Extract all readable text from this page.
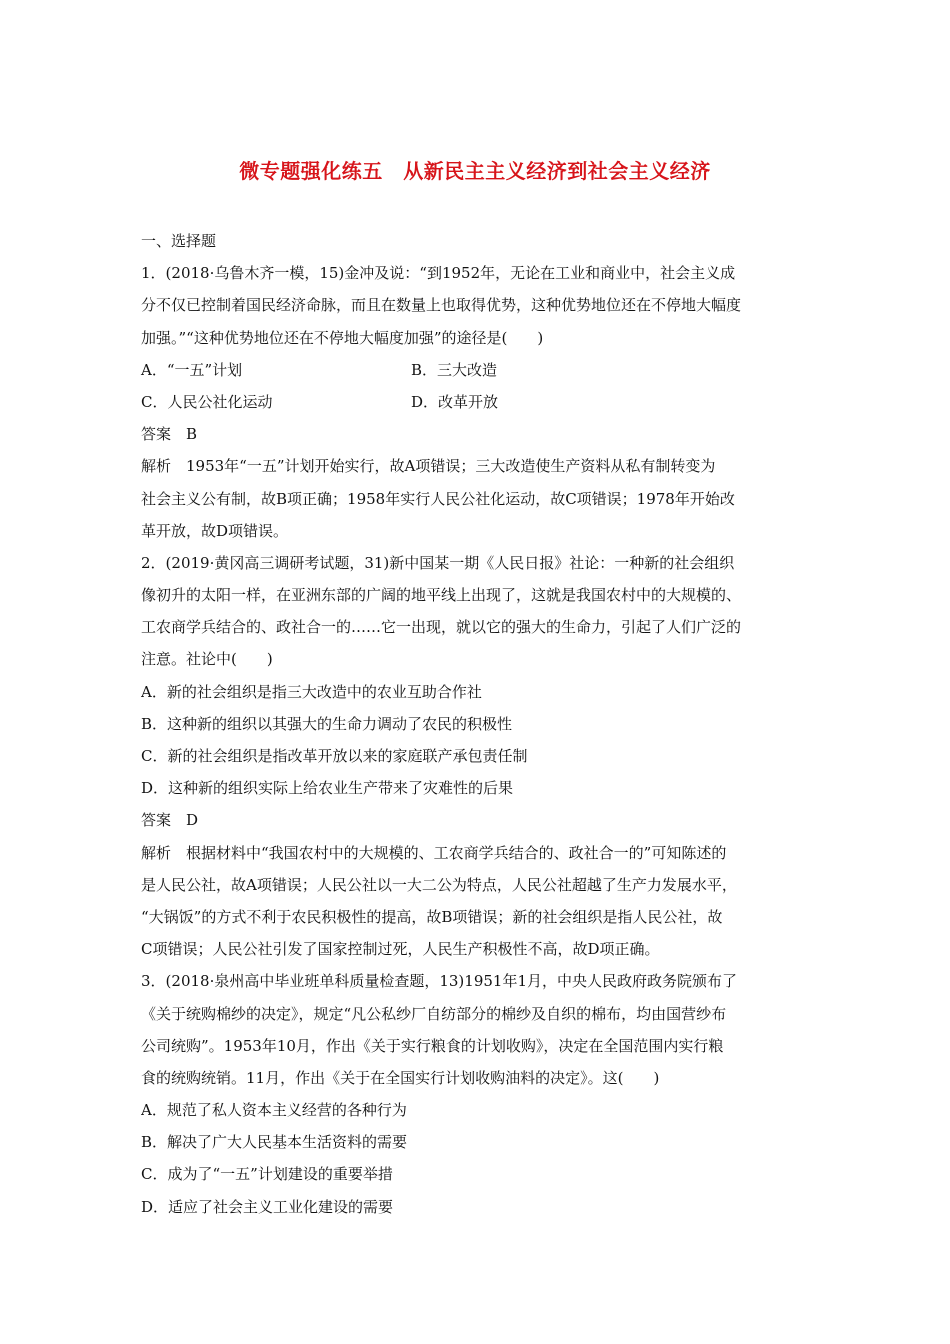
微专题强化练五　从新民主主义经济到社会主义经济
一、选择题
1．(2018·乌鲁木齐一模，15)金冲及说：“到1952年，无论在工业和商业中，社会主义成
分不仅已控制着国民经济命脉，而且在数量上也取得优势，这种优势地位还在不停地大幅度
加强。”“这种优势地位还在不停地大幅度加强”的途径是(　　)
A．“一五”计划	B．三大改造
C．人民公社化运动	D．改革开放
答案　B
解析　1953年“一五”计划开始实行，故A项错误；三大改造使生产资料从私有制转变为
社会主义公有制，故B项正确；1958年实行人民公社化运动，故C项错误；1978年开始改
革开放，故D项错误。
2．(2019·黄冈高三调研考试题，31)新中国某一期《人民日报》社论：一种新的社会组织
像初升的太阳一样，在亚洲东部的广阔的地平线上出现了，这就是我国农村中的大规模的、
工农商学兵结合的、政社合一的……它一出现，就以它的强大的生命力，引起了人们广泛的
注意。社论中(　　)
A．新的社会组织是指三大改造中的农业互助合作社
B．这种新的组织以其强大的生命力调动了农民的积极性
C．新的社会组织是指改革开放以来的家庭联产承包责任制
D．这种新的组织实际上给农业生产带来了灾难性的后果
答案　D
解析　根据材料中“我国农村中的大规模的、工农商学兵结合的、政社合一的”可知陈述的
是人民公社，故A项错误；人民公社以一大二公为特点，人民公社超越了生产力发展水平，
“大锅饭”的方式不利于农民积极性的提高，故B项错误；新的社会组织是指人民公社，故
C项错误；人民公社引发了国家控制过死，人民生产积极性不高，故D项正确。
3．(2018·泉州高中毕业班单科质量检查题，13)1951年1月，中央人民政府政务院颁布了
《关于统购棉纱的决定》，规定“凡公私纱厂自纺部分的棉纱及自织的棉布，均由国营纱布
公司统购”。1953年10月，作出《关于实行粮食的计划收购》，决定在全国范围内实行粮
食的统购统销。11月，作出《关于在全国实行计划收购油料的决定》。这(　　)
A．规范了私人资本主义经营的各种行为
B．解决了广大人民基本生活资料的需要
C．成为了“一五”计划建设的重要举措
D．适应了社会主义工业化建设的需要
